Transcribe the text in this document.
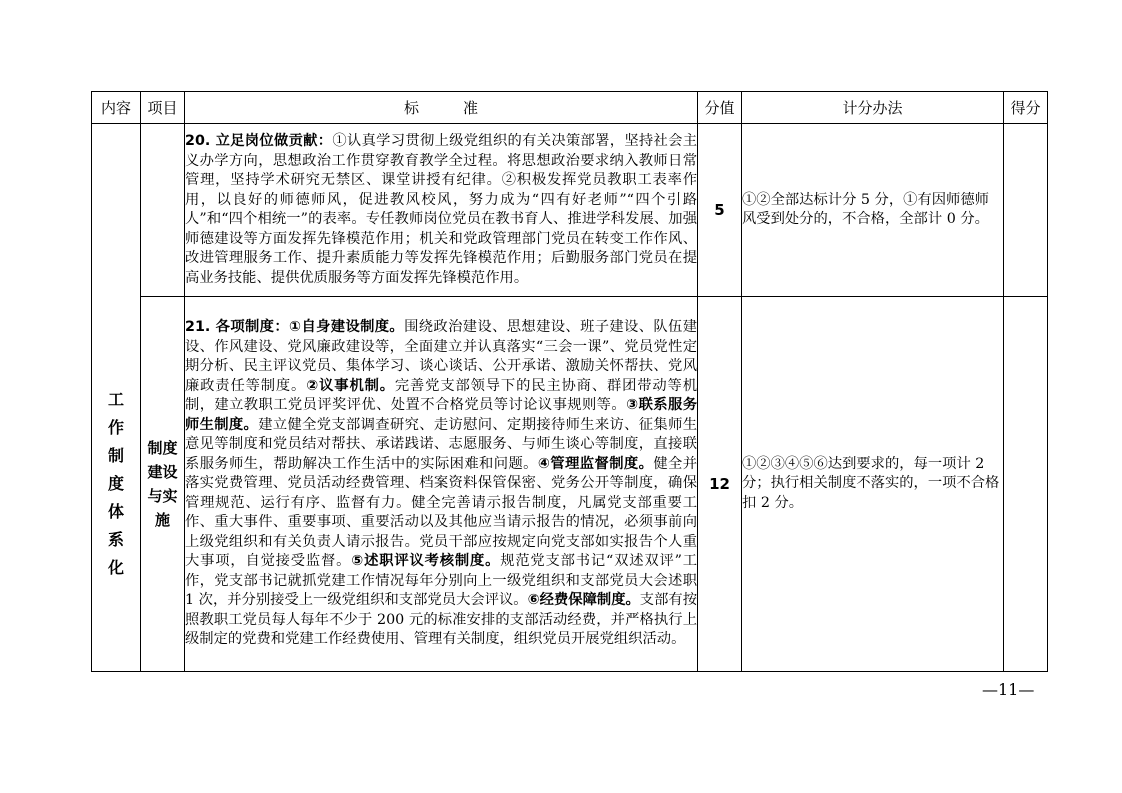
内容	项目	标准	分值	计分办法	得分
		20. 立足岗位做贡献：①认真学习贯彻上级党组织的有关决策部署，坚持社会主义办学方向，思想政治工作贯穿教育教学全过程。将思想政治要求纳入教师日常管理，坚持学术研究无禁区、课堂讲授有纪律。②积极发挥党员教职工表率作用，以良好的师德师风，促进教风校风，努力成为“四有好老师”“四个引路人”和“四个相统一”的表率。专任教师岗位党员在教书育人、推进学科发展、加强师德建设等方面发挥先锋模范作用；机关和党政管理部门党员在转变工作作风、改进管理服务工作、提升素质能力等发挥先锋模范作用；后勤服务部门党员在提高业务技能、提供优质服务等方面发挥先锋模范作用。	5	①②全部达标计分 5 分，①有因师德师风受到处分的，不合格，全部计 0 分。	

工作制度体系化	制度建设与实施	21. 各项制度：①自身建设制度。围绕政治建设、思想建设、班子建设、队伍建设、作风建设、党风廉政建设等，全面建立并认真落实“三会一课”、党员党性定期分析、民主评议党员、集体学习、谈心谈话、公开承诺、激励关怀帮扶、党风廉政责任等制度。②议事机制。完善党支部领导下的民主协商、群团带动等机制，建立教职工党员评奖评优、处置不合格党员等讨论议事规则等。③联系服务师生制度。建立健全党支部调查研究、走访慰问、定期接待师生来访、征集师生意见等制度和党员结对帮扶、承诺践诺、志愿服务、与师生谈心等制度，直接联系服务师生，帮助解决工作生活中的实际困难和问题。④管理监督制度。健全并落实党费管理、党员活动经费管理、档案资料保管保密、党务公开等制度，确保管理规范、运行有序、监督有力。健全完善请示报告制度，凡属党支部重要工作、重大事件、重要事项、重要活动以及其他应当请示报告的情况，必须事前向上级党组织和有关负责人请示报告。党员干部应按规定向党支部如实报告个人重大事项，自觉接受监督。⑤述职评议考核制度。规范党支部书记“双述双评”工作，党支部书记就抓党建工作情况每年分别向上一级党组织和支部党员大会述职 1 次，并分别接受上一级党组织和支部党员大会评议。⑥经费保障制度。支部有按照教职工党员每人每年不少于 200 元的标准安排的支部活动经费，并严格执行上级制定的党费和党建工作经费使用、管理有关制度，组织党员开展党组织活动。	12	①②③④⑤⑥达到要求的，每一项计 2 分；执行相关制度不落实的，一项不合格扣 2 分。	
—11—
